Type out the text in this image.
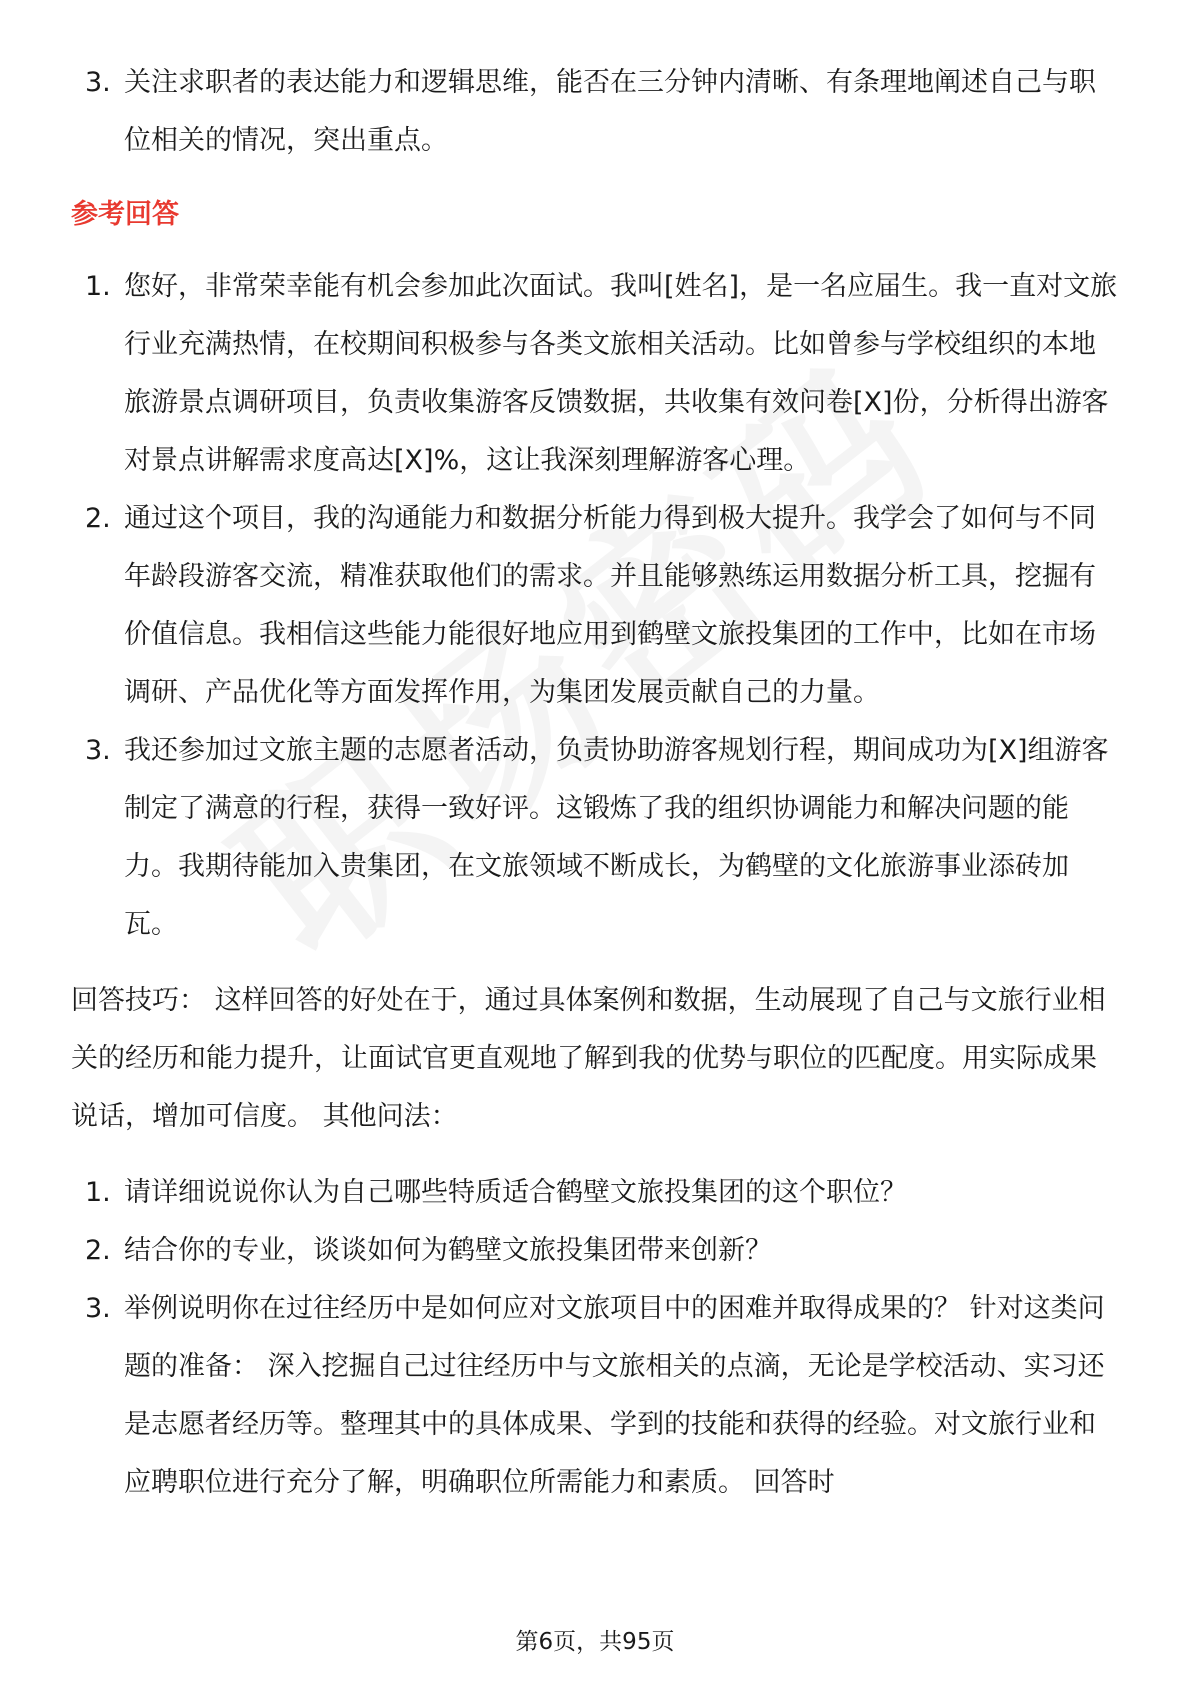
3. 关注求职者的表达能力和逻辑思维，能否在三分钟内清晰、有条理地阐述自己与职位相关的情况，突出重点。
参考回答
1. 您好，非常荣幸能有机会参加此次面试。我叫[姓名]，是一名应届生。我一直对文旅行业充满热情，在校期间积极参与各类文旅相关活动。比如曾参与学校组织的本地旅游景点调研项目，负责收集游客反馈数据，共收集有效问卷[X]份，分析得出游客对景点讲解需求度高达[X]%，这让我深刻理解游客心理。
2. 通过这个项目，我的沟通能力和数据分析能力得到极大提升。我学会了如何与不同年龄段游客交流，精准获取他们的需求。并且能够熟练运用数据分析工具，挖掘有价值信息。我相信这些能力能很好地应用到鹤壁文旅投集团的工作中，比如在市场调研、产品优化等方面发挥作用，为集团发展贡献自己的力量。
3. 我还参加过文旅主题的志愿者活动，负责协助游客规划行程，期间成功为[X]组游客制定了满意的行程，获得一致好评。这锻炼了我的组织协调能力和解决问题的能力。我期待能加入贵集团，在文旅领域不断成长，为鹤壁的文化旅游事业添砖加瓦。
回答技巧： 这样回答的好处在于，通过具体案例和数据，生动展现了自己与文旅行业相关的经历和能力提升，让面试官更直观地了解到我的优势与职位的匹配度。用实际成果说话，增加可信度。 其他问法：
1. 请详细说说你认为自己哪些特质适合鹤壁文旅投集团的这个职位？
2. 结合你的专业，谈谈如何为鹤壁文旅投集团带来创新？
3. 举例说明你在过往经历中是如何应对文旅项目中的困难并取得成果的？ 针对这类问题的准备： 深入挖掘自己过往经历中与文旅相关的点滴，无论是学校活动、实习还是志愿者经历等。整理其中的具体成果、学到的技能和获得的经验。对文旅行业和应聘职位进行充分了解，明确职位所需能力和素质。 回答时
第6页，共95页
